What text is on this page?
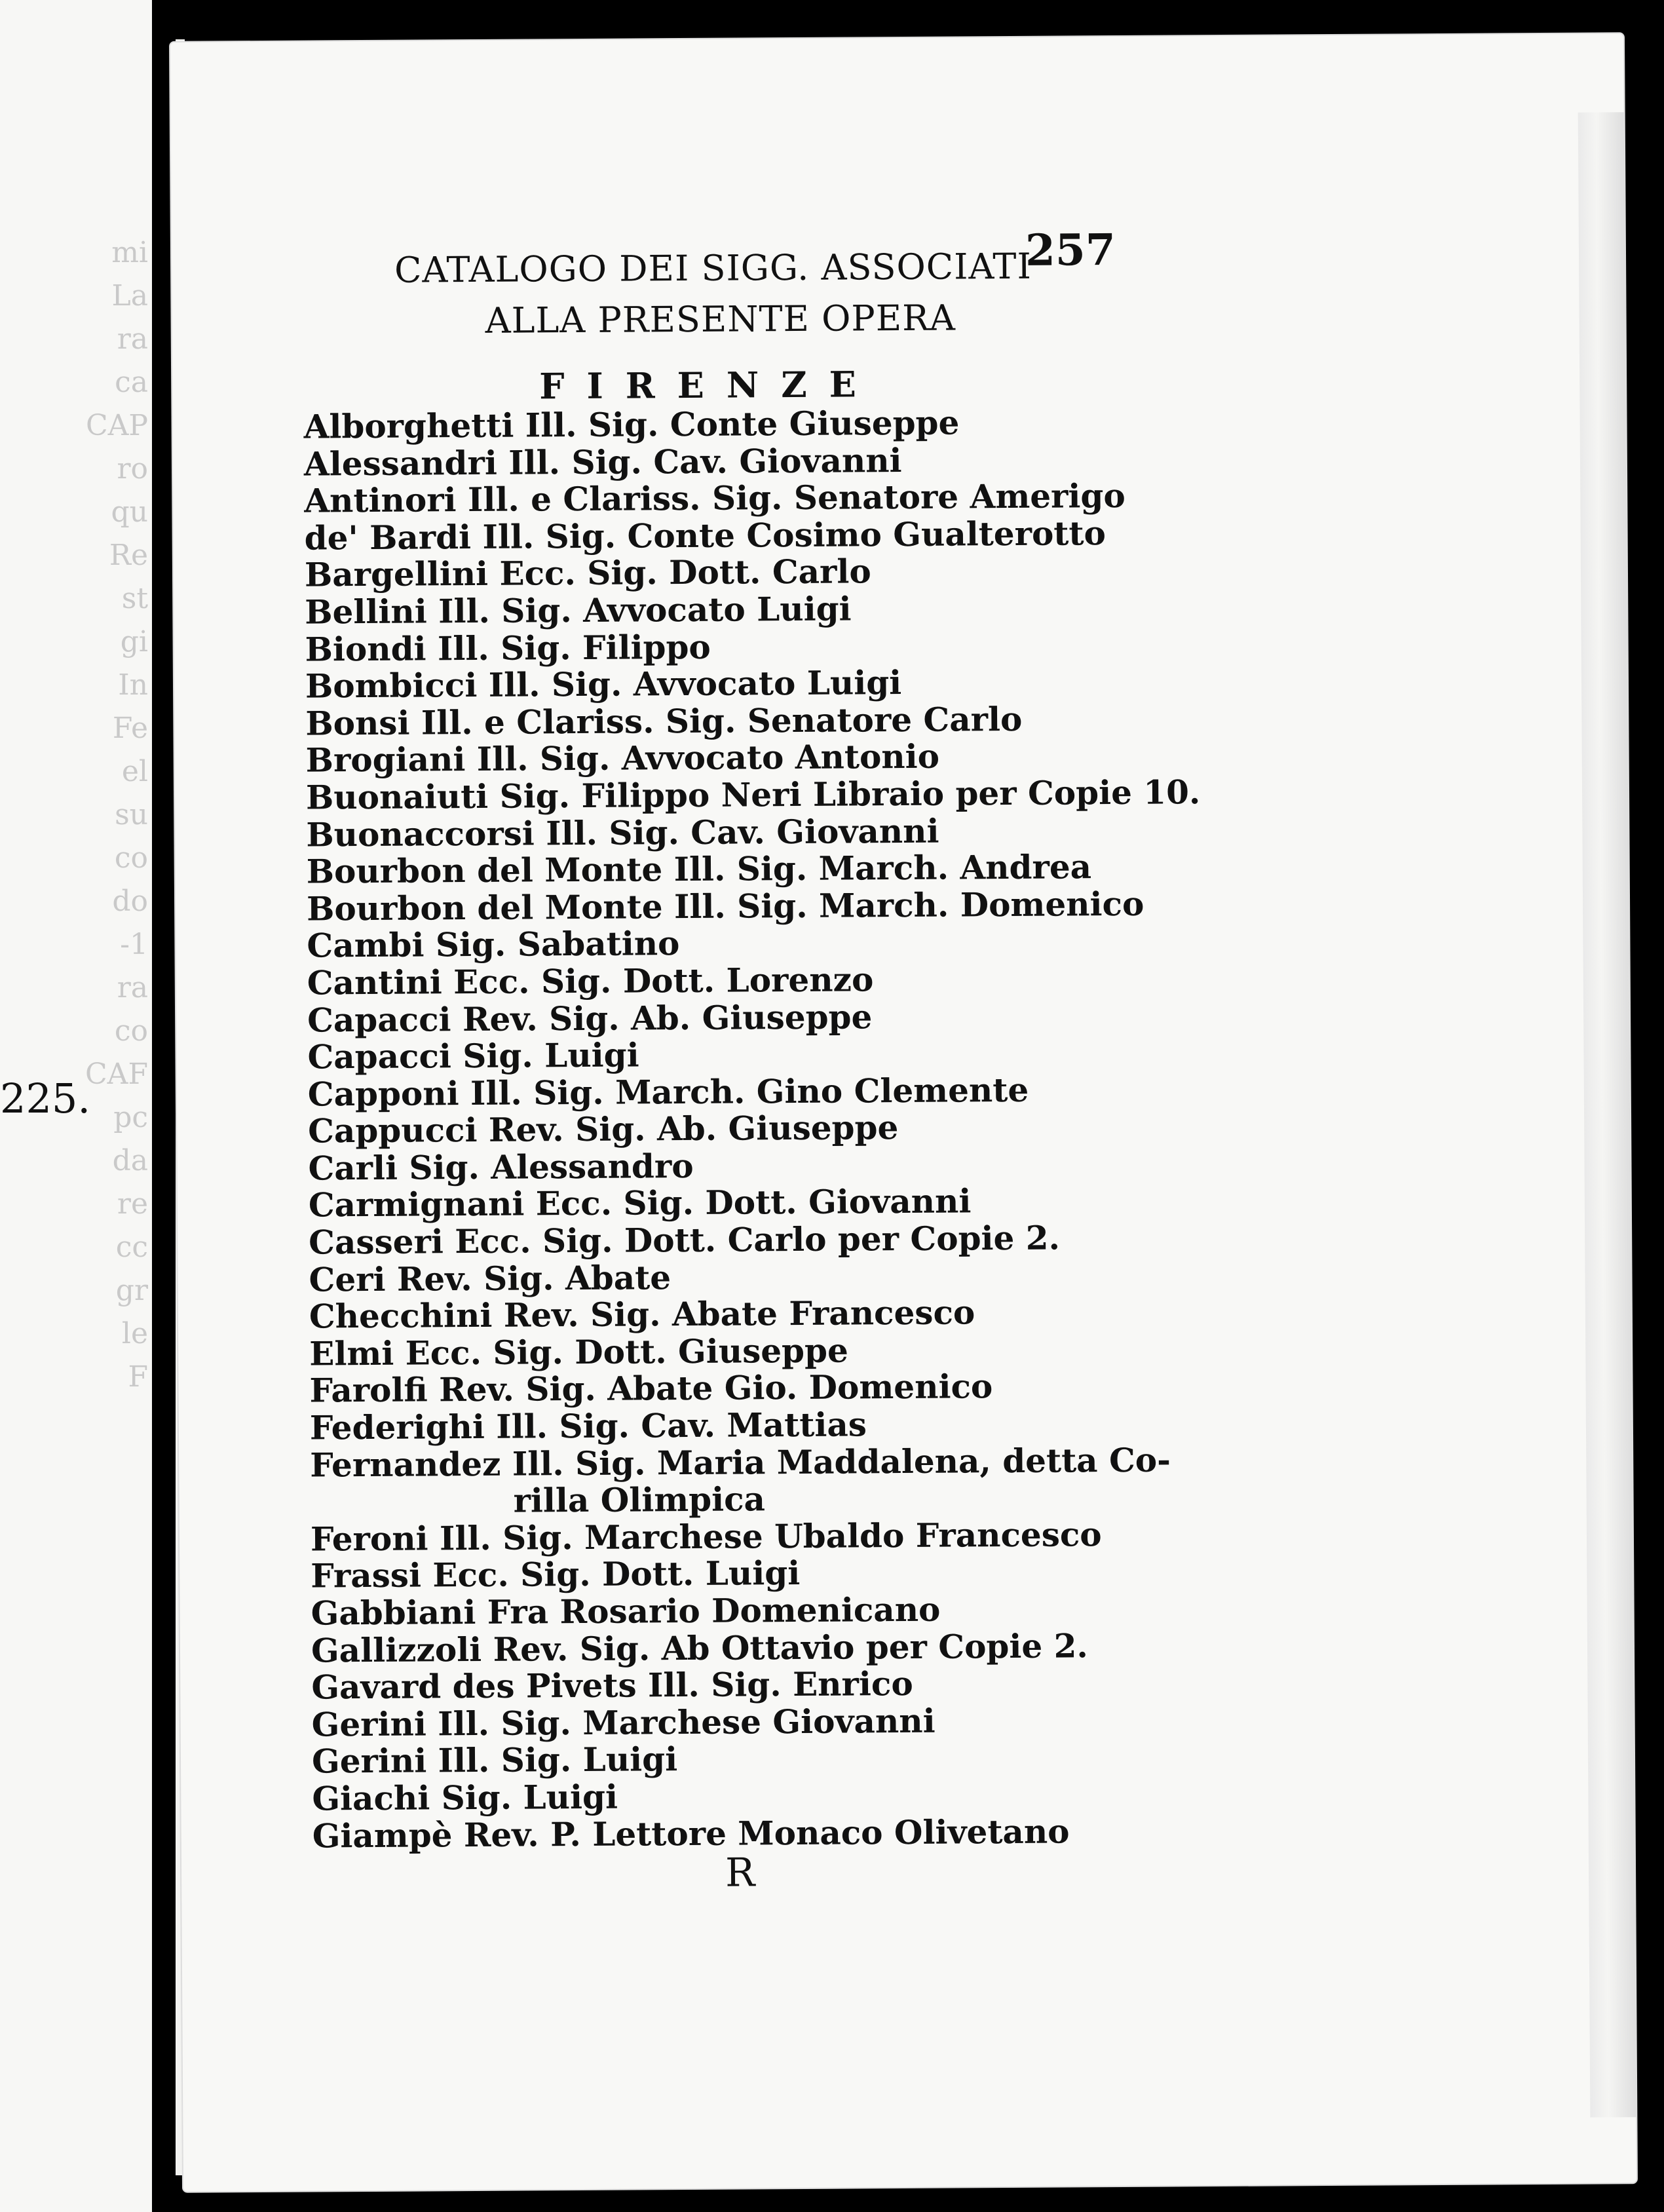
mi
La
ra
ca
CAP
ro
qu
Re
st
gi
In
Fe
el
su
co
do
-1
ra
co
CAF
pc
da
re
cc
gr
le
F
225.
257
CATALOGO DEI SIGG. ASSOCIATI
ALLA PRESENTE OPERA
FIRENZE
Alborghetti Ill. Sig. Conte Giuseppe
Alessandri Ill. Sig. Cav. Giovanni
Antinori Ill. e Clariss. Sig. Senatore Amerigo
de' Bardi Ill. Sig. Conte Cosimo Gualterotto
Bargellini Ecc. Sig. Dott. Carlo
Bellini Ill. Sig. Avvocato Luigi
Biondi Ill. Sig. Filippo
Bombicci Ill. Sig. Avvocato Luigi
Bonsi Ill. e Clariss. Sig. Senatore Carlo
Brogiani Ill. Sig. Avvocato Antonio
Buonaiuti Sig. Filippo Neri Libraio per Copie 10.
Buonaccorsi Ill. Sig. Cav. Giovanni
Bourbon del Monte Ill. Sig. March. Andrea
Bourbon del Monte Ill. Sig. March. Domenico
Cambi Sig. Sabatino
Cantini Ecc. Sig. Dott. Lorenzo
Capacci Rev. Sig. Ab. Giuseppe
Capacci Sig. Luigi
Capponi Ill. Sig. March. Gino Clemente
Cappucci Rev. Sig. Ab. Giuseppe
Carli Sig. Alessandro
Carmignani Ecc. Sig. Dott. Giovanni
Casseri Ecc. Sig. Dott. Carlo per Copie 2.
Ceri Rev. Sig. Abate
Checchini Rev. Sig. Abate Francesco
Elmi Ecc. Sig. Dott. Giuseppe
Farolfi Rev. Sig. Abate Gio. Domenico
Federighi Ill. Sig. Cav. Mattias
Fernandez Ill. Sig. Maria Maddalena, detta Co-
rilla Olimpica
Feroni Ill. Sig. Marchese Ubaldo Francesco
Frassi Ecc. Sig. Dott. Luigi
Gabbiani Fra Rosario Domenicano
Gallizzoli Rev. Sig. Ab Ottavio per Copie 2.
Gavard des Pivets Ill. Sig. Enrico
Gerini Ill. Sig. Marchese Giovanni
Gerini Ill. Sig. Luigi
Giachi Sig. Luigi
Giampè Rev. P. Lettore Monaco Olivetano
R
